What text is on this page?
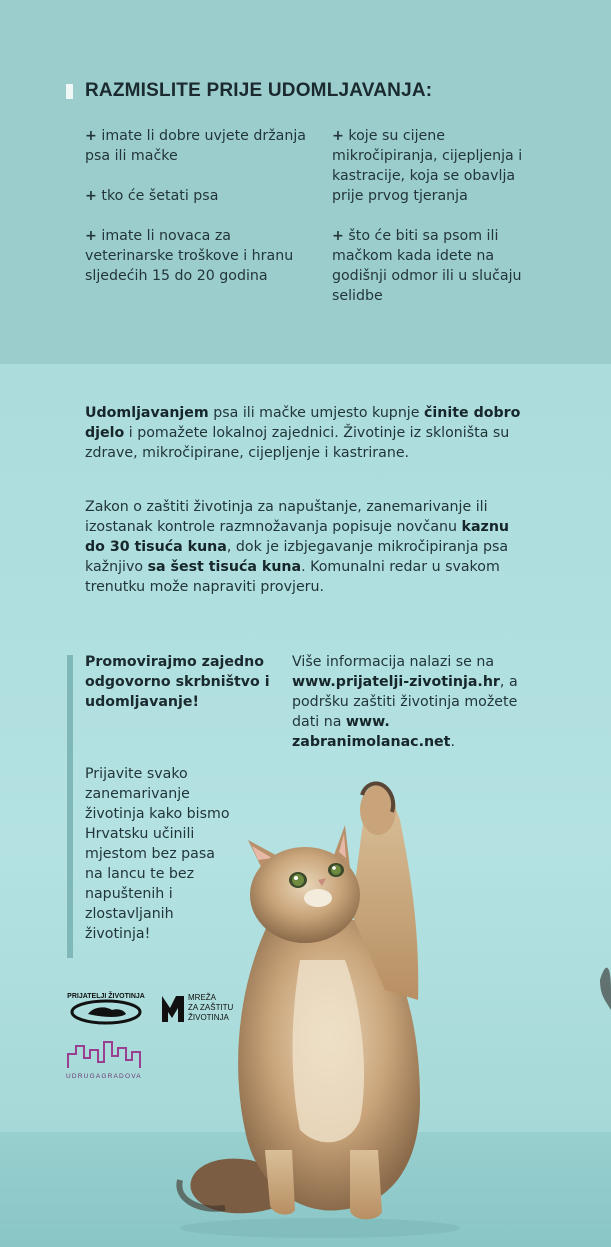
RAZMISLITE PRIJE UDOMLJAVANJA:
+ imate li dobre uvjete držanja psa ili mačke
+ tko će šetati psa
+ imate li novaca za veterinarske troškove i hranu sljedećih 15 do 20 godina
+ koje su cijene mikročipiranja, cijepljenja i kastracije, koja se obavlja prije prvog tjeranja
+ što će biti sa psom ili mačkom kada idete na godišnji odmor ili u slučaju selidbe
Udomljavanjem psa ili mačke umjesto kupnje činite dobro djelo i pomažete lokalnoj zajednici. Životinje iz skloništa su zdrave, mikročipirane, cijepljenje i kastrirane.
Zakon o zaštiti životinja za napuštanje, zanemarivanje ili izostanak kontrole razmnožavanja popisuje novčanu kaznu do 30 tisuća kuna, dok je izbjegavanje mikročipiranja psa kažnjivo sa šest tisuća kuna. Komunalni redar u svakom trenutku može napraviti provjeru.
Promovirajmo zajedno odgovorno skrbništvo i udomljavanje!
Prijavite svako zanemarivanje životinja kako bismo Hrvatsku učinili mjestom bez pasa na lancu te bez napuštenih i zlostavljanih životinja!
Više informacija nalazi se na www.prijatelji-zivotinja.hr, a podršku zaštiti životinja možete dati na www. zabranimolanac.net.
PRIJATELJI ŽIVOTINJA	MREŽA
ZA ZAŠTITU
ŽIVOTINJA
UDRUGAGRADOVA
